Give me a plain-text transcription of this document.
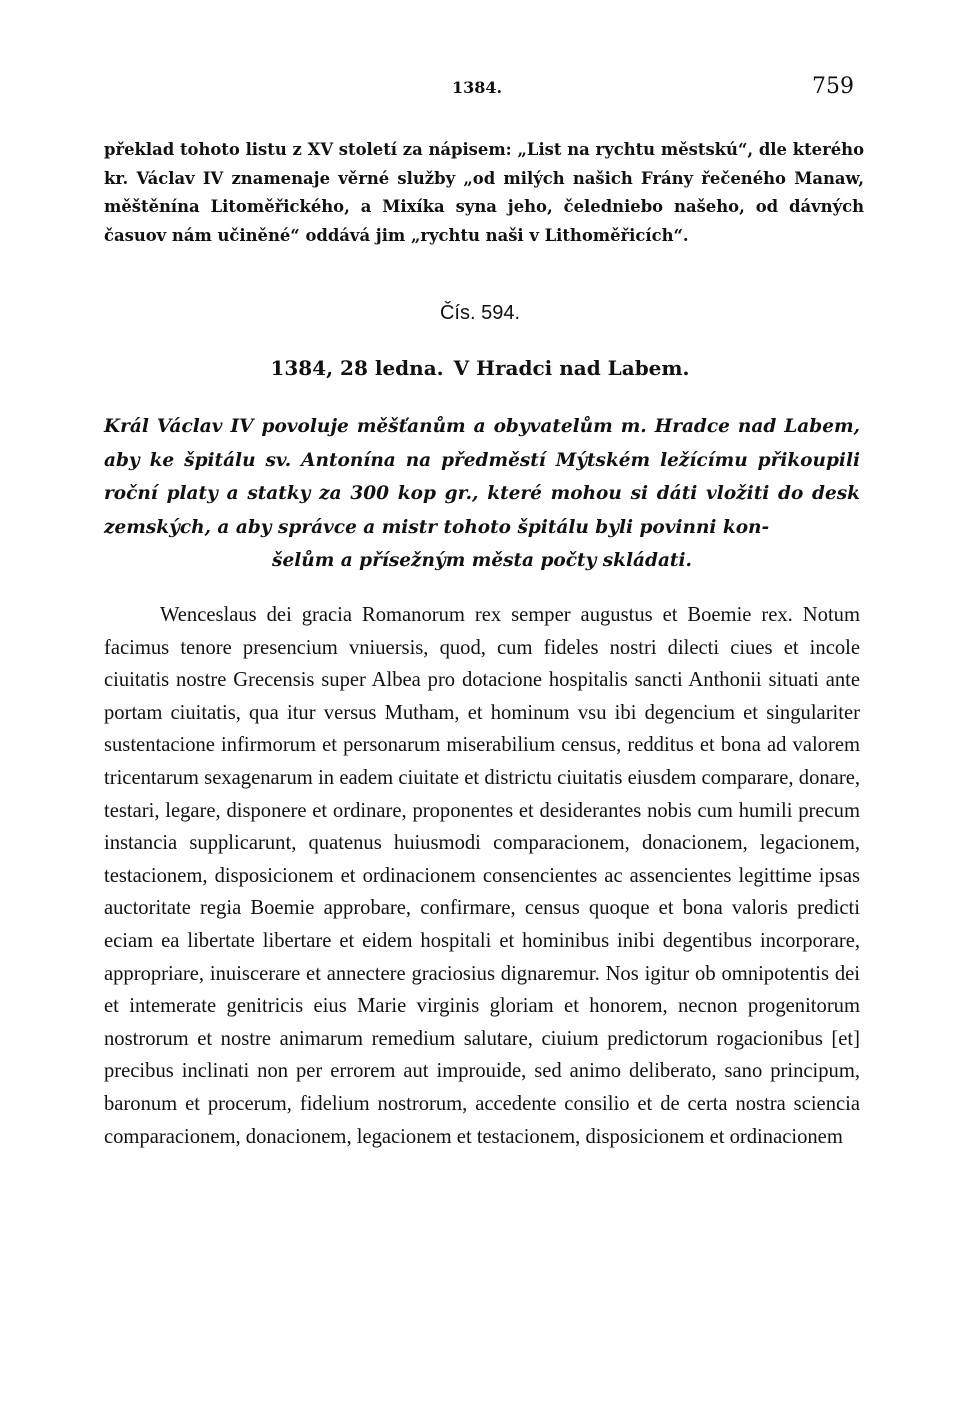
1384.	759

překlad tohoto listu z XV století za nápisem: „List na rychtu městskú“, dle kterého kr. Václav IV znamenaje věrné služby „od milých našich Frány řečeného Manaw, měštěnína Litoměřického, a Mixíka syna jeho, čeledniebo našeho, od dávných časuov nám učiněné“ oddává jim „rychtu naši v Lithoměřicích“.

Čís. 594.

1384, 28 ledna. V Hradci nad Labem.

Král Václav IV povoluje měšťanům a obyvatelům m. Hradce nad Labem, aby ke špitálu sv. Antonína na předměstí Mýtském ležícímu přikoupili roční platy a statky za 300 kop gr., které mohou si dáti vložiti do desk zemských, a aby správce a mistr tohoto špitálu byli povinni kon-
šelům a přísežným města počty skládati.

Wenceslaus dei gracia Romanorum rex semper augustus et Boemie rex. Notum facimus tenore presencium vniuersis, quod, cum fideles nostri dilecti ciues et incole ciuitatis nostre Grecensis super Albea pro dotacione hospitalis sancti Anthonii situati ante portam ciuitatis, qua itur versus Mutham, et hominum vsu ibi degencium et singulariter sustentacione infirmorum et personarum miserabilium census, redditus et bona ad valorem tricentarum sexagenarum in eadem ciuitate et districtu ciuitatis eiusdem comparare, donare, testari, legare, disponere et ordinare, proponentes et desiderantes nobis cum humili precum instancia supplicarunt, quatenus huiusmodi comparacionem, donacionem, legacionem, testacionem, disposicionem et ordinacionem consencientes ac assencientes legittime ipsas auctoritate regia Boemie approbare, confirmare, census quoque et bona valoris predicti eciam ea libertate libertare et eidem hospitali et hominibus inibi degentibus incorporare, appropriare, inuiscerare et annectere graciosius dignaremur. Nos igitur ob omnipotentis dei et intemerate genitricis eius Marie virginis gloriam et honorem, necnon progenitorum nostrorum et nostre animarum remedium salutare, ciuium predictorum rogacionibus [et] precibus inclinati non per errorem aut improuide, sed animo deliberato, sano principum, baronum et procerum, fidelium nostrorum, accedente consilio et de certa nostra sciencia comparacionem, donacionem, legacionem et testacionem, disposicionem et ordinacionem
